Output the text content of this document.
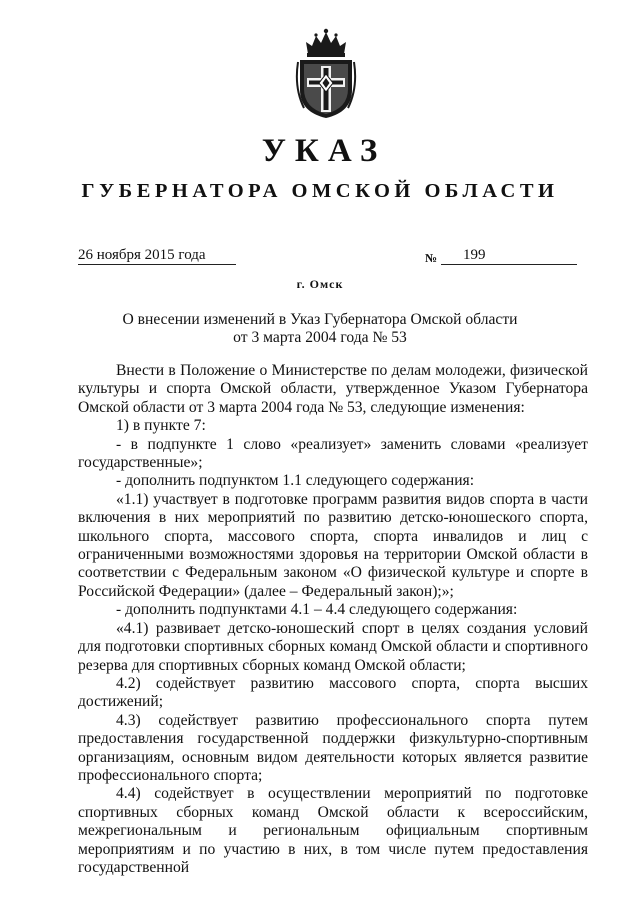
УКАЗ
ГУБЕРНАТОРА ОМСКОЙ ОБЛАСТИ
26 ноября 2015 года	№ 199
г. Омск
О внесении изменений в Указ Губернатора Омской области
от 3 марта 2004 года № 53

Внести в Положение о Министерстве по делам молодежи, физической культуры и спорта Омской области, утвержденное Указом Губернатора Омской области от 3 марта 2004 года № 53, следующие изменения:

1) в пункте 7:

- в подпункте 1 слово «реализует» заменить словами «реализует государственные»;

- дополнить подпунктом 1.1 следующего содержания:

«1.1) участвует в подготовке программ развития видов спорта в части включения в них мероприятий по развитию детско-юношеского спорта, школьного спорта, массового спорта, спорта инвалидов и лиц с ограниченными возможностями здоровья на территории Омской области в соответствии с Федеральным законом «О физической культуре и спорте в Российской Федерации» (далее – Федеральный закон);»;

- дополнить подпунктами 4.1 – 4.4 следующего содержания:

«4.1) развивает детско-юношеский спорт в целях создания условий для подготовки спортивных сборных команд Омской области и спортивного резерва для спортивных сборных команд Омской области;

4.2) содействует развитию массового спорта, спорта высших достижений;

4.3) содействует развитию профессионального спорта путем предоставления государственной поддержки физкультурно-спортивным организациям, основным видом деятельности которых является развитие профессионального спорта;

4.4) содействует в осуществлении мероприятий по подготовке спортивных сборных команд Омской области к всероссийским, межрегиональным и региональным официальным спортивным мероприятиям и по участию в них, в том числе путем предоставления государственной
